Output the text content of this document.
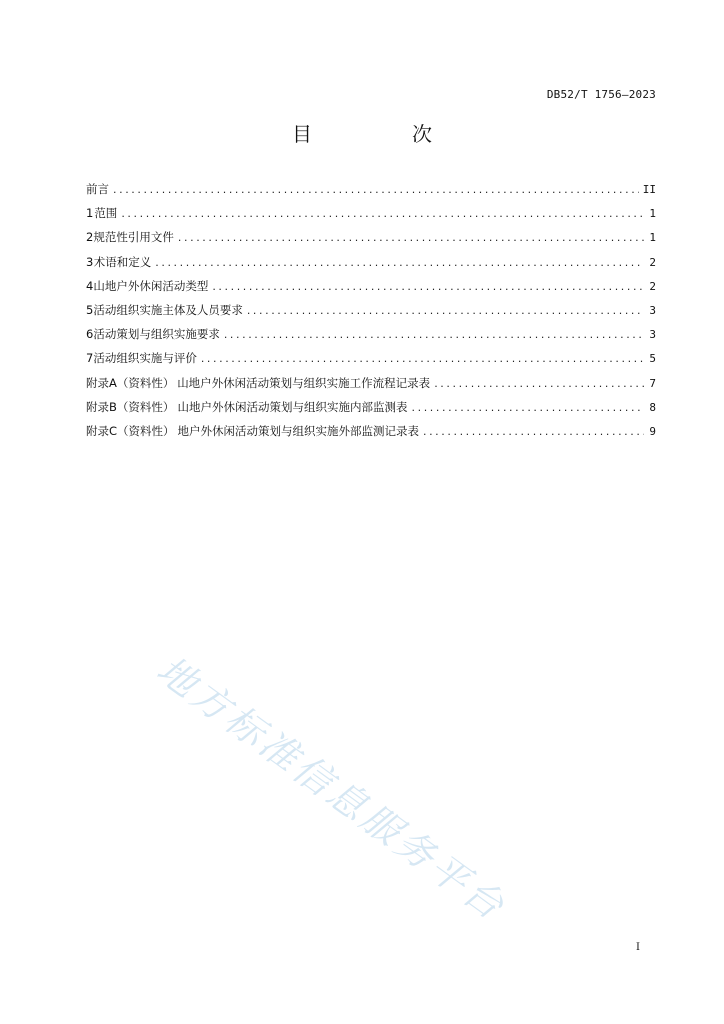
DB52/T 1756—2023
目　次
前言 .....	II
1 范围 .....	1
2 规范性引用文件 .....	1
3 术语和定义 .....	2
4 山地户外休闲活动类型 .....	2
5 活动组织实施主体及人员要求 .....	3
6 活动策划与组织实施要求 .....	3
7 活动组织实施与评价 .....	5
附录A（资料性） 山地户外休闲活动策划与组织实施工作流程记录表 .....	7
附录B（资料性） 山地户外休闲活动策划与组织实施内部监测表 .....	8
附录C（资料性） 地户外休闲活动策划与组织实施外部监测记录表 .....	9
地方标准信息服务平台
I
